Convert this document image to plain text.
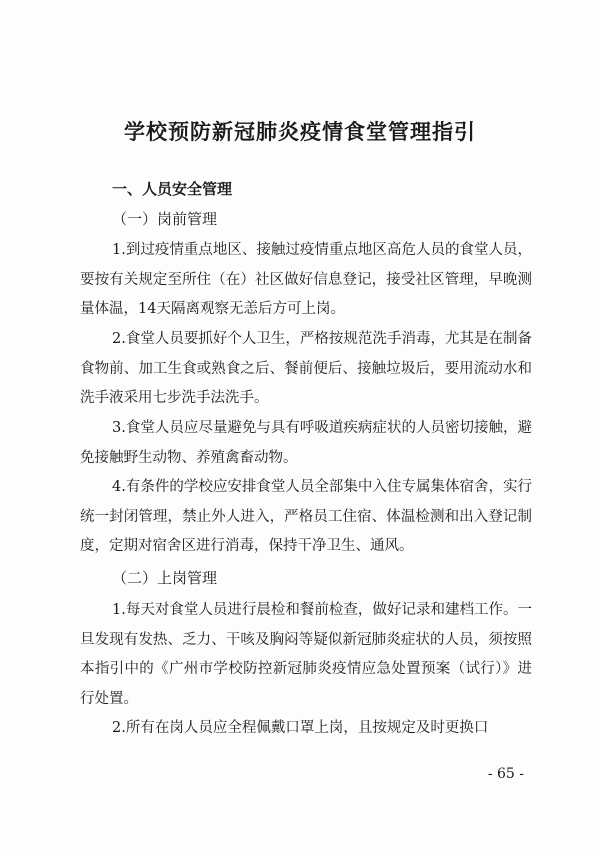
学校预防新冠肺炎疫情食堂管理指引
一、人员安全管理
（一）岗前管理
1.到过疫情重点地区、接触过疫情重点地区高危人员的食堂人员，要按有关规定至所住（在）社区做好信息登记，接受社区管理，早晚测量体温，14天隔离观察无恙后方可上岗。
2.食堂人员要抓好个人卫生，严格按规范洗手消毒，尤其是在制备食物前、加工生食或熟食之后、餐前便后、接触垃圾后，要用流动水和洗手液采用七步洗手法洗手。
3.食堂人员应尽量避免与具有呼吸道疾病症状的人员密切接触，避免接触野生动物、养殖禽畜动物。
4.有条件的学校应安排食堂人员全部集中入住专属集体宿舍，实行统一封闭管理，禁止外人进入，严格员工住宿、体温检测和出入登记制度，定期对宿舍区进行消毒，保持干净卫生、通风。
（二）上岗管理
1.每天对食堂人员进行晨检和餐前检查，做好记录和建档工作。一旦发现有发热、乏力、干咳及胸闷等疑似新冠肺炎症状的人员，须按照本指引中的《广州市学校防控新冠肺炎疫情应急处置预案（试行）》进行处置。
2.所有在岗人员应全程佩戴口罩上岗，且按规定及时更换口
- 65 -
